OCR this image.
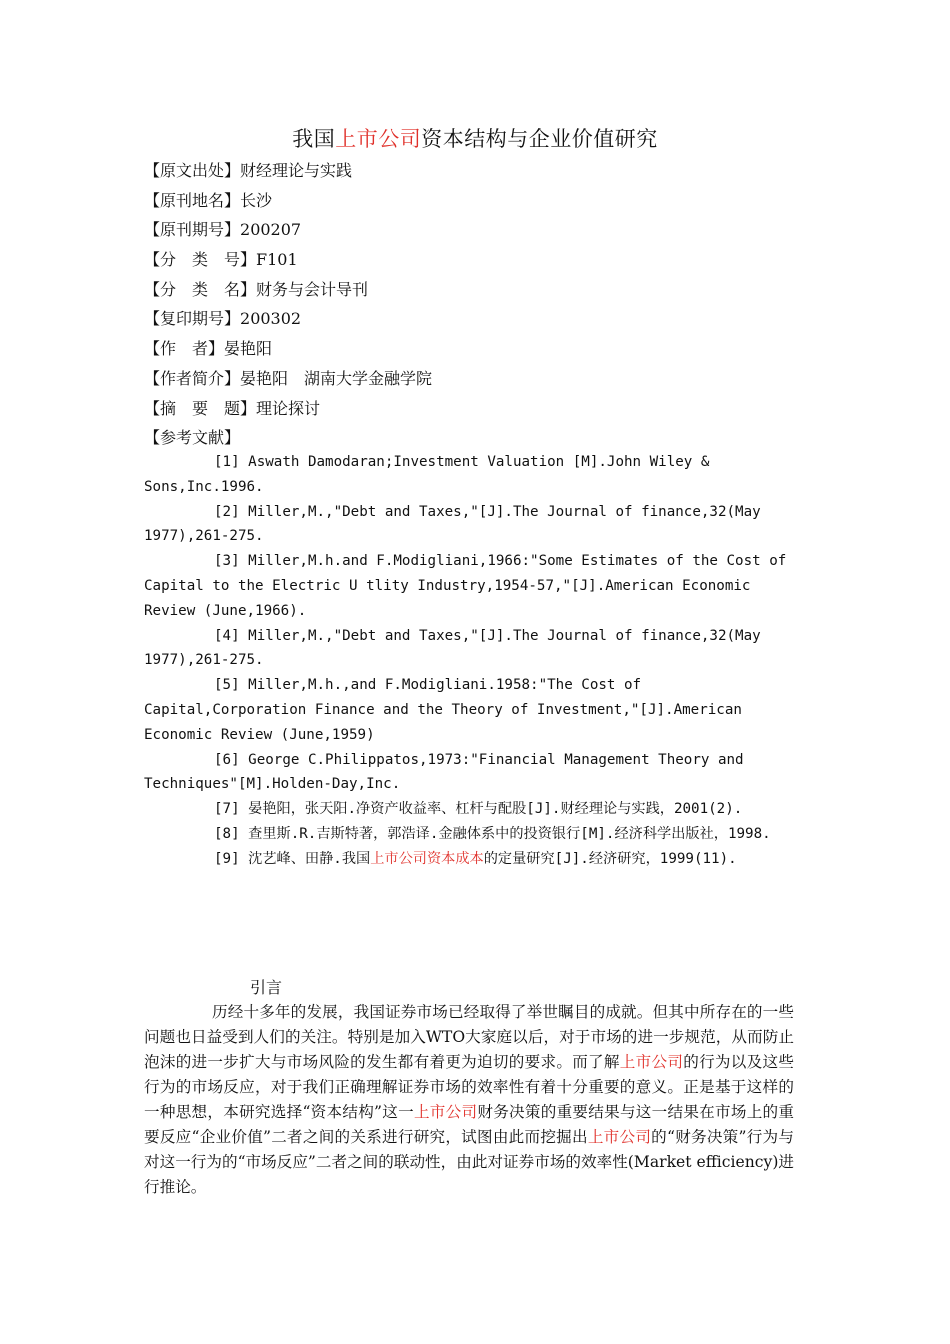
我国上市公司资本结构与企业价值研究
【原文出处】财经理论与实践
【原刊地名】长沙
【原刊期号】200207
【分　类　号】F101
【分　类　名】财务与会计导刊
【复印期号】200302
【作　者】晏艳阳
【作者简介】晏艳阳　湖南大学金融学院
【摘　要　题】理论探讨
【参考文献】

[1] Aswath Damodaran;Investment Valuation [M].John Wiley & Sons,Inc.1996.

[2] Miller,M.,"Debt and Taxes,"[J].The Journal of finance,32(May 1977),261-275.

[3] Miller,M.h.and F.Modigliani,1966:"Some Estimates of the Cost of Capital to the Electric U tlity Industry,1954-57,"[J].American Economic Review (June,1966).

[4] Miller,M.,"Debt and Taxes,"[J].The Journal of finance,32(May 1977),261-275.

[5] Miller,M.h.,and F.Modigliani.1958:"The Cost of Capital,Corporation Finance and the Theory of Investment,"[J].American Economic Review (June,1959)

[6] George C.Philippatos,1973:"Financial Management Theory and Techniques"[M].Holden-Day,Inc.

[7] 晏艳阳，张天阳.净资产收益率、杠杆与配股[J].财经理论与实践，2001(2).

[8] 查里斯.R.吉斯特著，郭浩译.金融体系中的投资银行[M].经济科学出版社，1998.

[9] 沈艺峰、田静.我国上市公司资本成本的定量研究[J].经济研究，1999(11).

引言

历经十多年的发展，我国证券市场已经取得了举世瞩目的成就。但其中所存在的一些问题也日益受到人们的关注。特别是加入WTO大家庭以后，对于市场的进一步规范，从而防止泡沫的进一步扩大与市场风险的发生都有着更为迫切的要求。而了解上市公司的行为以及这些行为的市场反应，对于我们正确理解证券市场的效率性有着十分重要的意义。正是基于这样的一种思想，本研究选择“资本结构”这一上市公司财务决策的重要结果与这一结果在市场上的重要反应“企业价值”二者之间的关系进行研究，试图由此而挖掘出上市公司的“财务决策”行为与对这一行为的“市场反应”二者之间的联动性，由此对证券市场的效率性(Market efficiency)进行推论。
